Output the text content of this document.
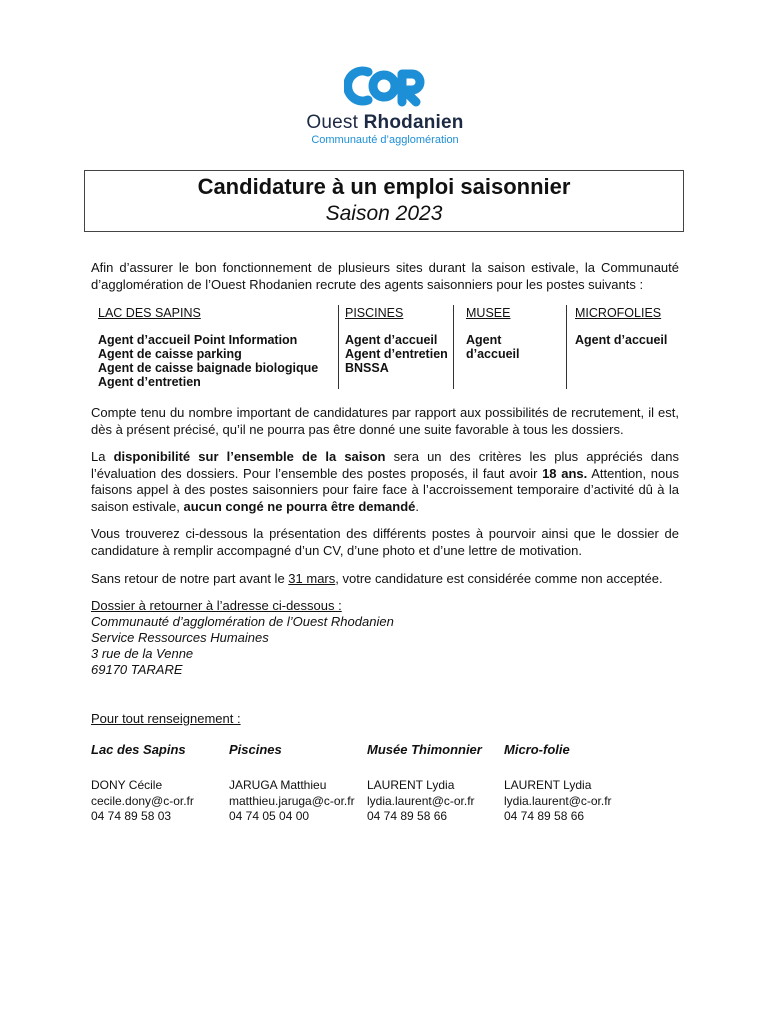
Ouest Rhodanien
Communauté d’agglomération
Candidature à un emploi saisonnier
Saison 2023
Afin d’assurer le bon fonctionnement de plusieurs sites durant la saison estivale, la Communauté d’agglomération de l’Ouest Rhodanien recrute des agents saisonniers pour les postes suivants :
LAC DES SAPINS
Agent d’accueil Point Information
Agent de caisse parking
Agent de caisse baignade biologique
Agent d’entretien
PISCINES
Agent d’accueil
Agent d’entretien
BNSSA
MUSEE
Agent
d’accueil
MICROFOLIES
Agent d’accueil
Compte tenu du nombre important de candidatures par rapport aux possibilités de recrutement, il est, dès à présent précisé, qu’il ne pourra pas être donné une suite favorable à tous les dossiers.
La disponibilité sur l’ensemble de la saison sera un des critères les plus appréciés dans l’évaluation des dossiers. Pour l’ensemble des postes proposés, il faut avoir 18 ans. Attention, nous faisons appel à des postes saisonniers pour faire face à l’accroissement temporaire d’activité dû à la saison estivale, aucun congé ne pourra être demandé.
Vous trouverez ci-dessous la présentation des différents postes à pourvoir ainsi que le dossier de candidature à remplir accompagné d’un CV, d’une photo et d’une lettre de motivation.
Sans retour de notre part avant le 31 mars, votre candidature est considérée comme non acceptée.
Dossier à retourner à l’adresse ci-dessous :
Communauté d’agglomération de l’Ouest Rhodanien
Service Ressources Humaines
3 rue de la Venne
69170 TARARE
Pour tout renseignement :
Lac des Sapins
DONY Cécile
cecile.dony@c-or.fr
04 74 89 58 03
Piscines
JARUGA Matthieu
matthieu.jaruga@c-or.fr
04 74 05 04 00
Musée Thimonnier
LAURENT Lydia
lydia.laurent@c-or.fr
04 74 89 58 66
Micro-folie
LAURENT Lydia
lydia.laurent@c-or.fr
04 74 89 58 66
